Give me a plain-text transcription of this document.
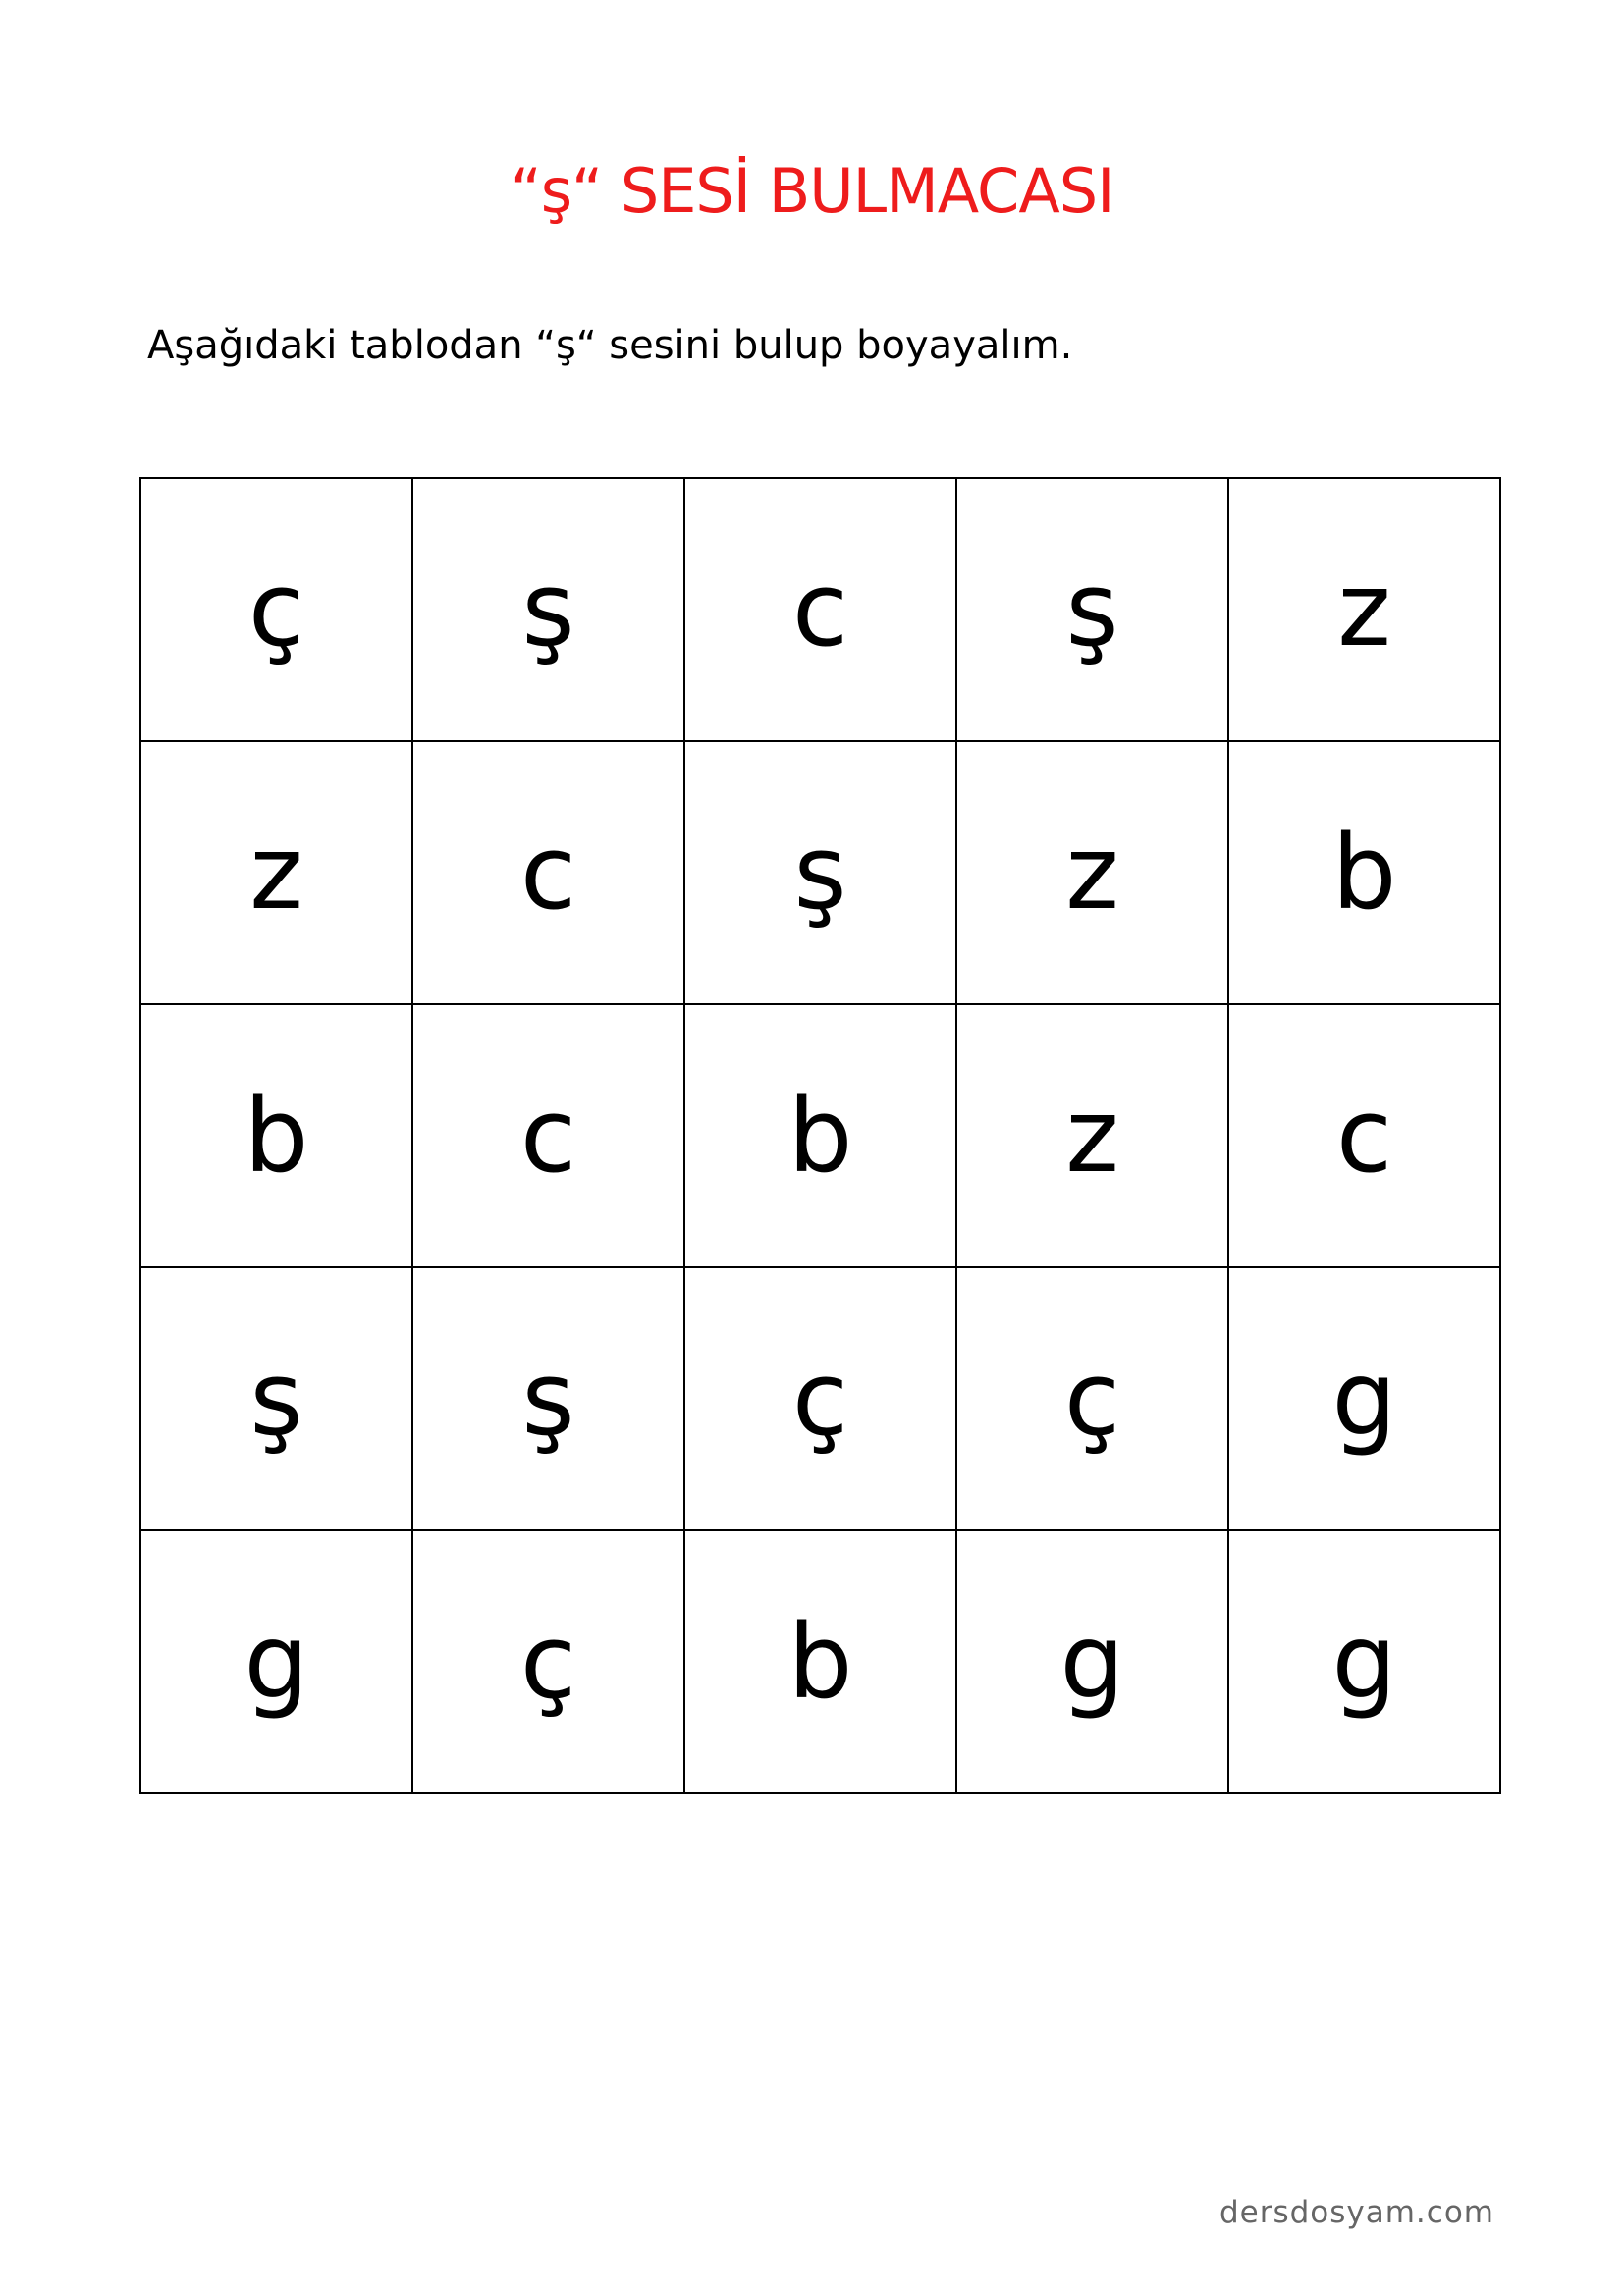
“ş“ SESİ BULMACASI
Aşağıdaki tablodan “ş“ sesini bulup boyayalım.
ç	ş	c	ş	z
z	c	ş	z	b
b	c	b	z	c
ş	ş	ç	ç	g
g	ç	b	g	g
dersdosyam.com
